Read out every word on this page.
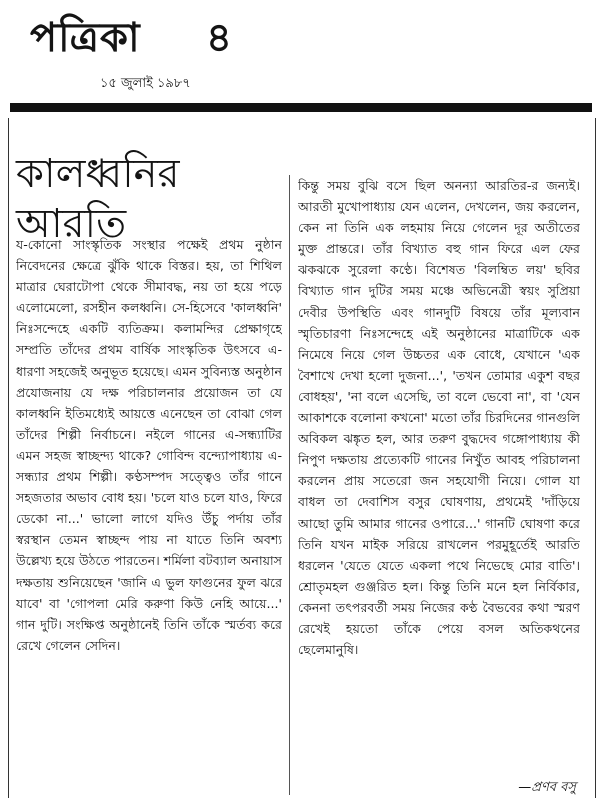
পত্রিকা ৪
১৫ জুলাই ১৯৮৭
কালধ্বনির
আরতি

য-কোনো সাংস্কৃতিক সংস্থার পক্ষেই প্রথম নুষ্ঠান নিবেদনের ক্ষেত্রে ঝুঁকি থাকে বিস্তর। হয়, তা শিথিল মাত্রার ঘেরাটোপা থেকে সীমাবদ্ধ, নয় তা হয়ে পড়ে এলোমেলো, রসহীন কলধ্বনি। সে-হিসেবে 'কালধ্বনি' নিঃসন্দেহে একটি ব্যতিক্রম। কলামন্দির প্রেক্ষাগৃহে সম্প্রতি তাঁদের প্রথম বার্ষিক সাংস্কৃতিক উৎসবে এ-ধারণা সহজেই অনুভূত হয়েছে। এমন সুবিন্যস্ত অনুষ্ঠান প্রযোজনায় যে দক্ষ পরিচালনার প্রয়োজন তা যে কালধ্বনি ইতিমধ্যেই আয়ত্তে এনেছেন তা বোঝা গেল তাঁদের শিল্পী নির্বাচনে। নইলে গানের এ-সন্ধ্যাটির এমন সহজ স্বাচ্ছন্দ্য থাকে? গোবিন্দ বন্দ্যোপাধ্যায় এ-সন্ধ্যার প্রথম শিল্পী। কণ্ঠসম্পদ সত্ত্বেও তাঁর গানে সহজতার অভাব বোধ হয়। 'চলে যাও চলে যাও, ফিরে ডেকো না...' ভালো লাগে যদিও উঁচু পর্দায় তাঁর স্বরস্থান তেমন স্বাচ্ছন্দ পায় না যাতে তিনি অবশ্য উল্লেখ্য হয়ে উঠতে পারতেন। শর্মিলা বটব্যাল অনায়াস দক্ষতায় শুনিয়েছেন 'জানি এ ভুল ফাগুনের ফুল ঝরে যাবে' বা 'গোপলা মেরি করুণা কিউ নেহি আয়ে...' গান দুটি। সংক্ষিপ্ত অনুষ্ঠানেই তিনি তাঁকে স্মর্তব্য করে রেখে গেলেন সেদিন।

কিন্তু সময় বুঝি বসে ছিল অনন্যা আরতির-র জন্যই। আরতী মুখোপাধ্যায় যেন এলেন, দেখলেন, জয় করলেন, কেন না তিনি এক লহমায় নিয়ে গেলেন দূর অতীতের মুক্ত প্রান্তরে। তাঁর বিখ্যাত বহু গান ফিরে এল ফের ঝকঝকে সুরেলা কণ্ঠে। বিশেষত 'বিলম্বিত লয়' ছবির বিখ্যাত গান দুটির সময় মঞ্চে অভিনেত্রী স্বয়ং সুপ্রিয়া দেবীর উপস্থিতি এবং গানদুটি বিষয়ে তাঁর মূল্যবান স্মৃতিচারণা নিঃসন্দেহে এই অনুষ্ঠানের মাত্রাটিকে এক নিমেষে নিয়ে গেল উচ্চতর এক বোধে, যেখানে 'এক বৈশাখে দেখা হলো দুজনা...', 'তখন তোমার একুশ বছর বোধহয়', 'না বলে এসেছি, তা বলে ভেবো না', বা 'যেন আকাশকে বলোনা কখনো' মতো তাঁর চিরদিনের গানগুলি অবিকল ঝঙ্কৃত হল, আর তরুণ বুদ্ধদেব গঙ্গোপাধ্যায় কী নিপুণ দক্ষতায় প্রত্যেকটি গানের নিখুঁত আবহ পরিচালনা করলেন প্রায় সতেরো জন সহযোগী নিয়ে। গোল যা বাধল তা দেবাশিস বসুর ঘোষণায়, প্রথমেই 'দাঁড়িয়ে আছো তুমি আমার গানের ওপারে...' গানটি ঘোষণা করে তিনি যখন মাইক সরিয়ে রাখলেন পরমুহূর্তেই আরতি ধরলেন 'যেতে যেতে একলা পথে নিভেছে মোর বাতি'। শ্রোতৃমহল গুঞ্জরিত হল। কিন্তু তিনি মনে হল নির্বিকার, কেননা তৎপরবর্তী সময় নিজের কণ্ঠ বৈভবের কথা স্মরণ রেখেই হয়তো তাঁকে পেয়ে বসল অতিকথনের ছেলেমানুষি।

—প্রণব বসু
